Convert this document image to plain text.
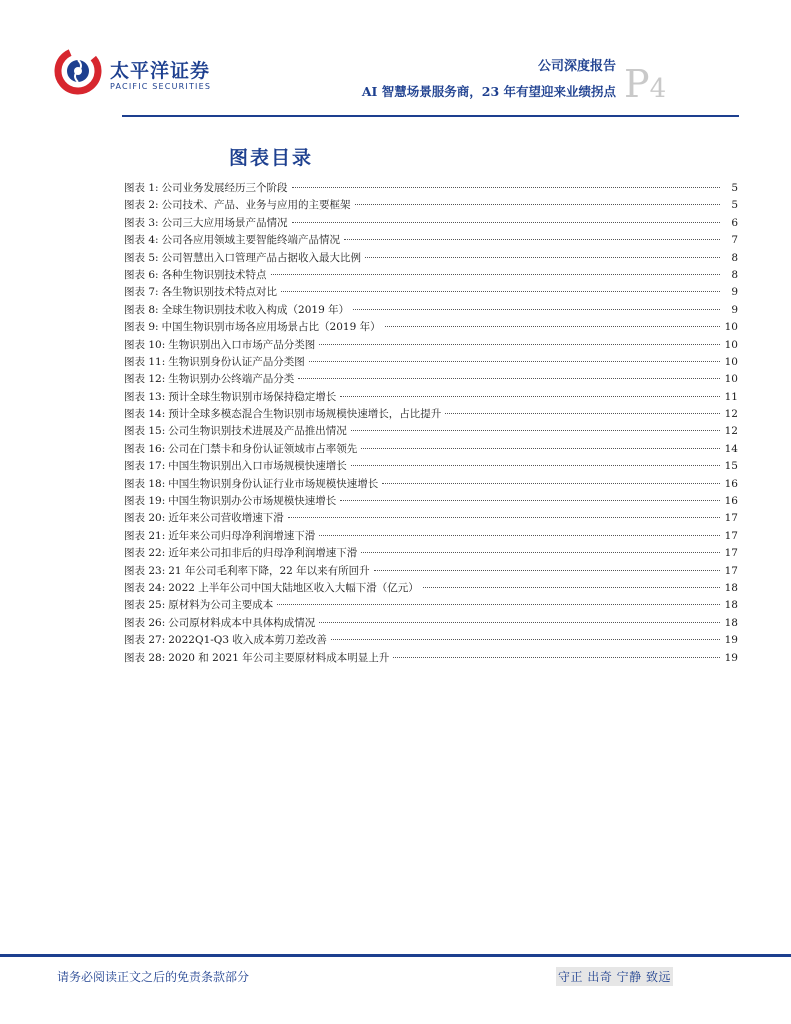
太平洋证券
PACIFIC SECURITIES
公司深度报告
AI 智慧场景服务商，23 年有望迎来业绩拐点 P4
图表目录
图表 1: 公司业务发展经历三个阶段	5
图表 2: 公司技术、产品、业务与应用的主要框架	5
图表 3: 公司三大应用场景产品情况	6
图表 4: 公司各应用领域主要智能终端产品情况	7
图表 5: 公司智慧出入口管理产品占据收入最大比例	8
图表 6: 各种生物识别技术特点	8
图表 7: 各生物识别技术特点对比	9
图表 8: 全球生物识别技术收入构成（2019 年）	9
图表 9: 中国生物识别市场各应用场景占比（2019 年）	10
图表 10: 生物识别出入口市场产品分类图	10
图表 11: 生物识别身份认证产品分类图	10
图表 12: 生物识别办公终端产品分类	10
图表 13: 预计全球生物识别市场保持稳定增长	11
图表 14: 预计全球多模态混合生物识别市场规模快速增长，占比提升	12
图表 15: 公司生物识别技术进展及产品推出情况	12
图表 16: 公司在门禁卡和身份认证领域市占率领先	14
图表 17: 中国生物识别出入口市场规模快速增长	15
图表 18: 中国生物识别身份认证行业市场规模快速增长	16
图表 19: 中国生物识别办公市场规模快速增长	16
图表 20: 近年来公司营收增速下滑	17
图表 21: 近年来公司归母净利润增速下滑	17
图表 22: 近年来公司扣非后的归母净利润增速下滑	17
图表 23: 21 年公司毛利率下降，22 年以来有所回升	17
图表 24: 2022 上半年公司中国大陆地区收入大幅下滑（亿元）	18
图表 25: 原材料为公司主要成本	18
图表 26: 公司原材料成本中具体构成情况	18
图表 27: 2022Q1-Q3 收入成本剪刀差改善	19
图表 28: 2020 和 2021 年公司主要原材料成本明显上升	19
请务必阅读正文之后的免责条款部分	守正 出奇 宁静 致远
